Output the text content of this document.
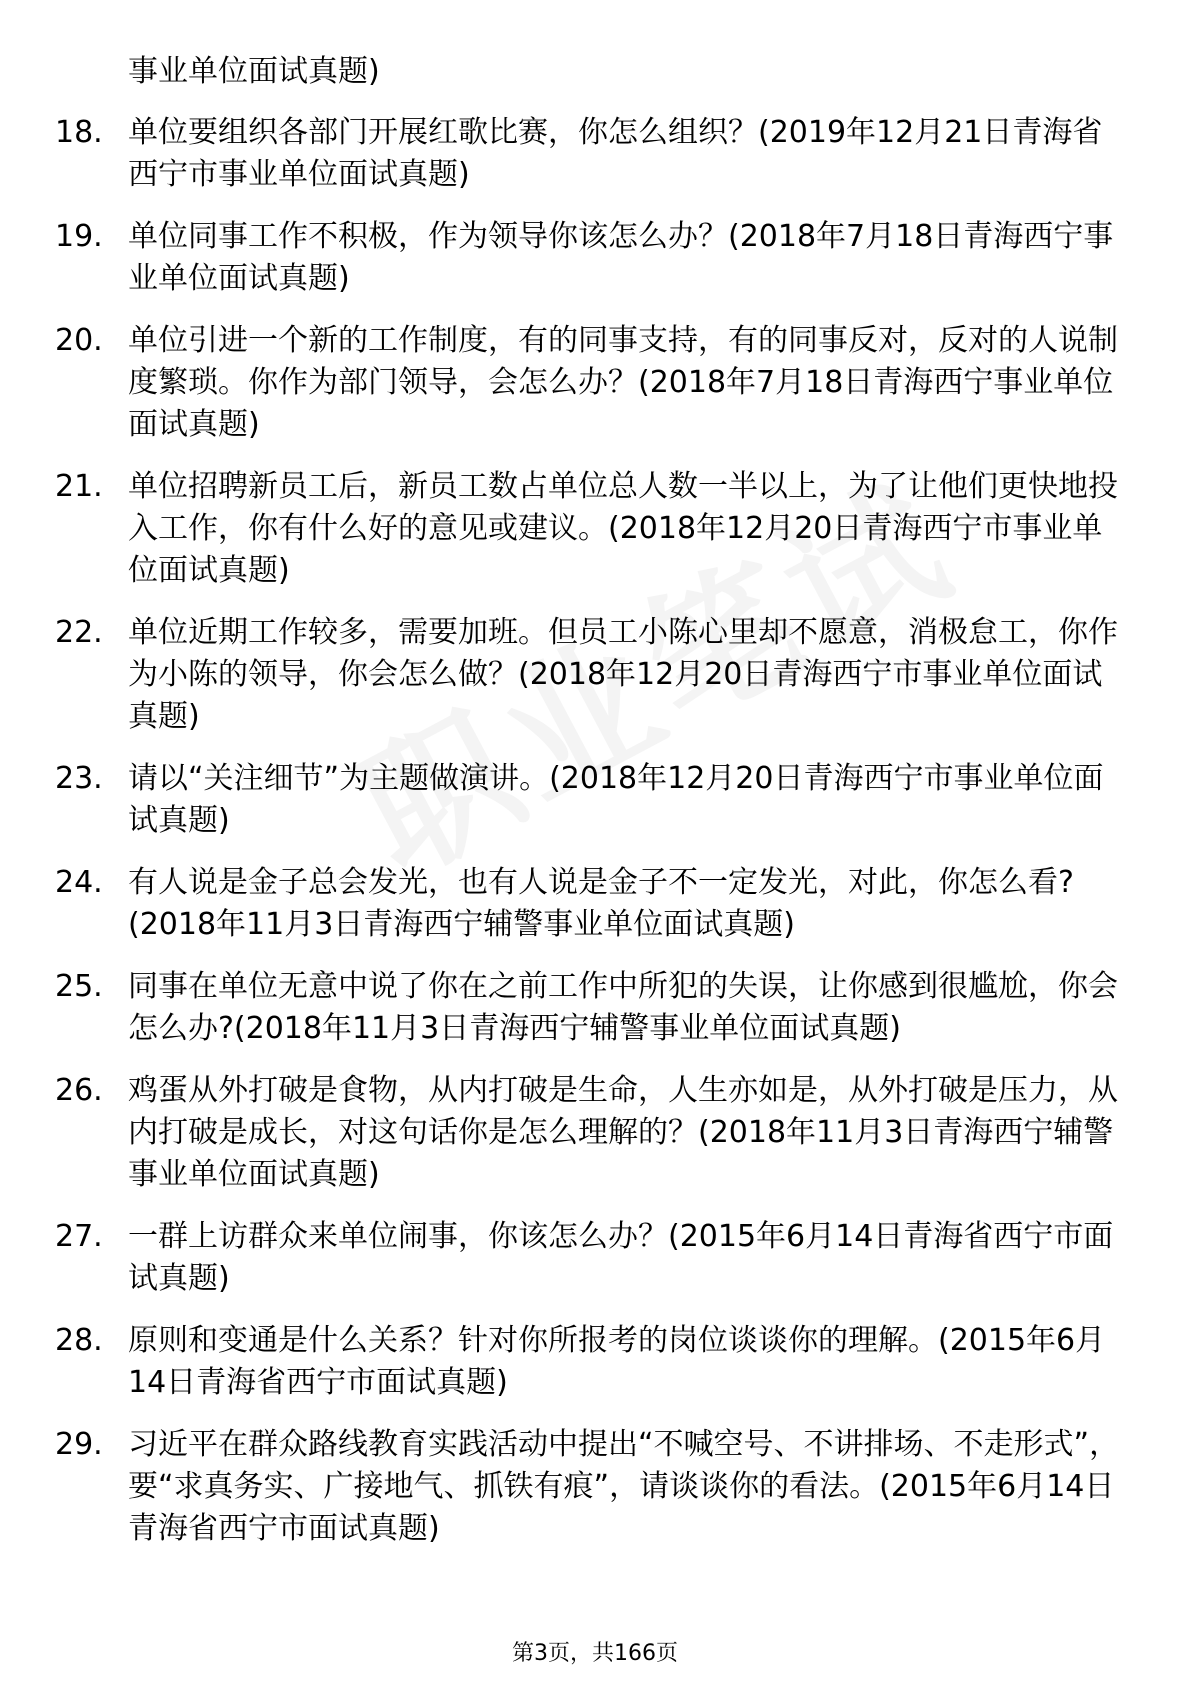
事业单位面试真题)
18. 单位要组织各部门开展红歌比赛，你怎么组织？(2019年12月21日青海省西宁市事业单位面试真题)
19. 单位同事工作不积极，作为领导你该怎么办？(2018年7月18日青海西宁事业单位面试真题)
20. 单位引进一个新的工作制度，有的同事支持，有的同事反对，反对的人说制度繁琐。你作为部门领导，会怎么办？(2018年7月18日青海西宁事业单位面试真题)
21. 单位招聘新员工后，新员工数占单位总人数一半以上，为了让他们更快地投入工作，你有什么好的意见或建议。(2018年12月20日青海西宁市事业单位面试真题)
22. 单位近期工作较多，需要加班。但员工小陈心里却不愿意，消极怠工，你作为小陈的领导，你会怎么做？(2018年12月20日青海西宁市事业单位面试真题)
23. 请以“关注细节”为主题做演讲。(2018年12月20日青海西宁市事业单位面试真题)
24. 有人说是金子总会发光，也有人说是金子不一定发光，对此，你怎么看?(2018年11月3日青海西宁辅警事业单位面试真题)
25. 同事在单位无意中说了你在之前工作中所犯的失误，让你感到很尴尬，你会怎么办?(2018年11月3日青海西宁辅警事业单位面试真题)
26. 鸡蛋从外打破是食物，从内打破是生命，人生亦如是，从外打破是压力，从内打破是成长，对这句话你是怎么理解的？(2018年11月3日青海西宁辅警事业单位面试真题)
27. 一群上访群众来单位闹事，你该怎么办？(2015年6月14日青海省西宁市面试真题)
28. 原则和变通是什么关系？针对你所报考的岗位谈谈你的理解。(2015年6月14日青海省西宁市面试真题)
29. 习近平在群众路线教育实践活动中提出“不喊空号、不讲排场、不走形式”，要“求真务实、广接地气、抓铁有痕”，请谈谈你的看法。(2015年6月14日青海省西宁市面试真题)
第3页，共166页
